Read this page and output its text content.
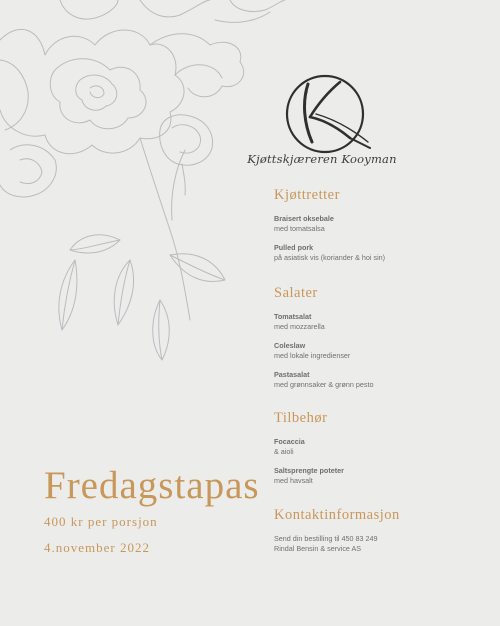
Kjøttskjæreren Kooyman
Kjøttretter
Braisert oksebale
med tomatsalsa
Pulled pork
på asiatisk vis (koriander & hoi sin)
Salater
Tomatsalat
med mozzarella
Coleslaw
med lokale ingredienser
Pastasalat
med grønnsaker & grønn pesto
Tilbehør
Focaccia
& aioli
Saltsprengte poteter
med havsalt
Kontaktinformasjon
Send din bestilling til 450 83 249
Rindal Bensin & service AS
Fredagstapas
400 kr per porsjon
4.november 2022
